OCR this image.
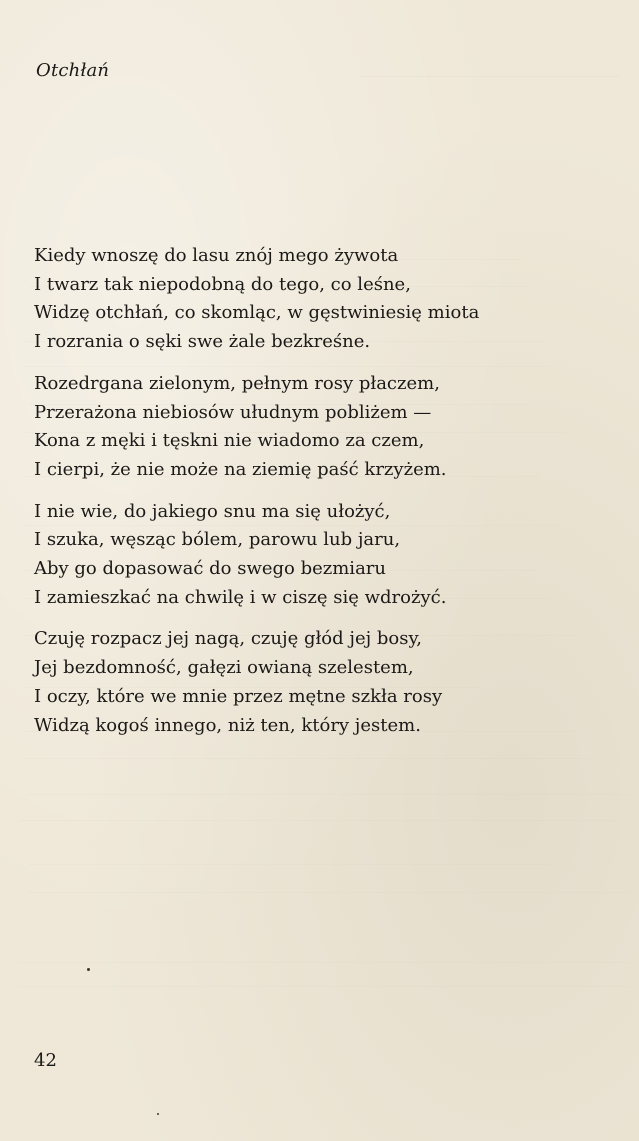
Otchłań
Kiedy wnoszę do lasu znój mego żywota
I twarz tak niepodobną do tego, co leśne,
Widzę otchłań, co skomląc, w gęstwiniesię miota
I rozrania o sęki swe żale bezkreśne.
Rozedrgana zielonym, pełnym rosy płaczem,
Przerażona niebiosów ułudnym pobliżem —
Kona z męki i tęskni nie wiadomo za czem,
I cierpi, że nie może na ziemię paść krzyżem.
I nie wie, do jakiego snu ma się ułożyć,
I szuka, węsząc bólem, parowu lub jaru,
Aby go dopasować do swego bezmiaru
I zamieszkać na chwilę i w ciszę się wdrożyć.
Czuję rozpacz jej nagą, czuję głód jej bosy,
Jej bezdomność, gałęzi owianą szelestem,
I oczy, które we mnie przez mętne szkła rosy
Widzą kogoś innego, niż ten, który jestem.
42
